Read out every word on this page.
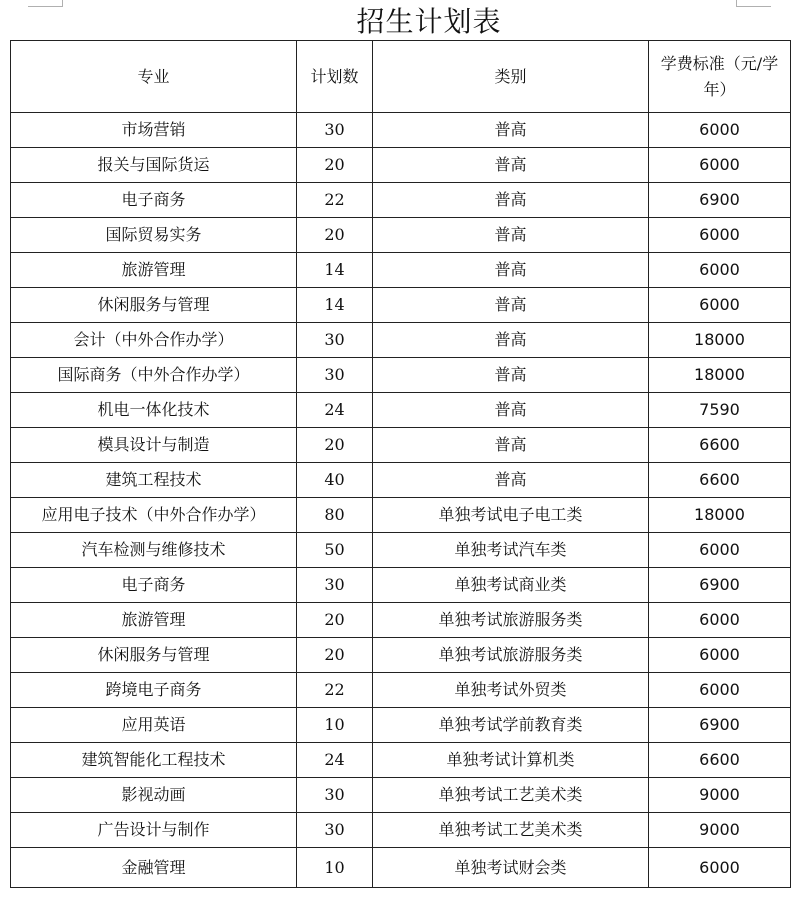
招生计划表
专业	计划数	类别	学费标准（元/学年）
市场营销	30	普高	6000
报关与国际货运	20	普高	6000
电子商务	22	普高	6900
国际贸易实务	20	普高	6000
旅游管理	14	普高	6000
休闲服务与管理	14	普高	6000
会计（中外合作办学）	30	普高	18000
国际商务（中外合作办学）	30	普高	18000
机电一体化技术	24	普高	7590
模具设计与制造	20	普高	6600
建筑工程技术	40	普高	6600
应用电子技术（中外合作办学）	80	单独考试电子电工类	18000
汽车检测与维修技术	50	单独考试汽车类	6000
电子商务	30	单独考试商业类	6900
旅游管理	20	单独考试旅游服务类	6000
休闲服务与管理	20	单独考试旅游服务类	6000
跨境电子商务	22	单独考试外贸类	6000
应用英语	10	单独考试学前教育类	6900
建筑智能化工程技术	24	单独考试计算机类	6600
影视动画	30	单独考试工艺美术类	9000
广告设计与制作	30	单独考试工艺美术类	9000
金融管理	10	单独考试财会类	6000
